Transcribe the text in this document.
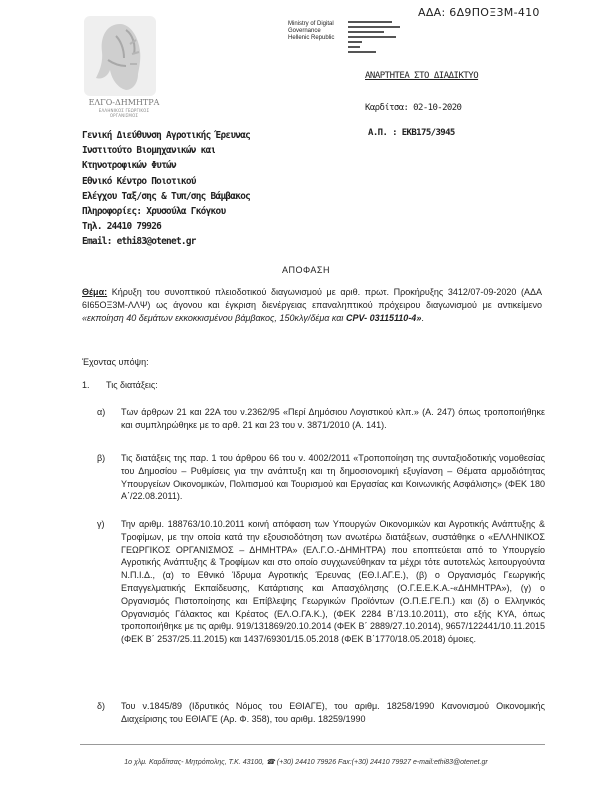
ΑΔΑ: 6Δ9ΠΟΞ3Μ-410
ΕΛΓΟ-ΔΗΜΗΤΡΑ
ΕΛΛΗΝΙΚΟΣ ΓΕΩΡΓΙΚΟΣ ΟΡΓΑΝΙΣΜΟΣ
Ministry of Digital
Governance
Hellenic Republic
ΑΝΑΡΤΗΤΕΑ ΣΤΟ ΔΙΑΔΙΚΤΥΟ
Καρδίτσα: 02-10-2020
Α.Π. : ΕΚΒ175/3945
Γενική Διεύθυνση Αγροτικής Έρευνας
Ινστιτούτο Βιομηχανικών και
Κτηνοτροφικών Φυτών
Εθνικό Κέντρο Ποιοτικού
Ελέγχου Ταξ/σης & Τυπ/σης Βάμβακος
Πληροφορίες: Χρυσούλα Γκόγκου
Τηλ. 24410 79926
Email: ethi83@otenet.gr
ΑΠΟΦΑΣΗ
Θέμα: Κήρυξη του συνοπτικού πλειοδοτικού διαγωνισμού με αριθ. πρωτ. Προκήρυξης 3412/07-09-2020 (ΑΔΑ 6Ι65ΟΞ3Μ-ΛΛΨ) ως άγονου και έγκριση διενέργειας επαναληπτικού πρόχειρου διαγωνισμού με αντικείμενο «εκποίηση 40 δεμάτων εκκοκκισμένου βάμβακος, 150κλγ/δέμα και CPV- 03115110-4».
Έχοντας υπόψη:
1. Τις διατάξεις:
α)	Των άρθρων 21 και 22Α του ν.2362/95 «Περί Δημόσιου Λογιστικού κλπ.» (Α. 247) όπως τροποποιήθηκε και συμπληρώθηκε με το αρθ. 21 και 23 του ν. 3871/2010 (Α. 141).
β)	Τις διατάξεις της παρ. 1 του άρθρου 66 του ν. 4002/2011 «Τροποποίηση της συνταξιοδοτικής νομοθεσίας του Δημοσίου – Ρυθμίσεις για την ανάπτυξη και τη δημοσιονομική εξυγίανση – Θέματα αρμοδιότητας Υπουργείων Οικονομικών, Πολιτισμού και Τουρισμού και Εργασίας και Κοινωνικής Ασφάλισης» (ΦΕΚ 180 Α΄/22.08.2011).
γ)	Την αριθμ. 188763/10.10.2011 κοινή απόφαση των Υπουργών Οικονομικών και Αγροτικής Ανάπτυξης & Τροφίμων, με την οποία κατά την εξουσιοδότηση των ανωτέρω διατάξεων, συστάθηκε ο «ΕΛΛΗΝΙΚΟΣ ΓΕΩΡΓΙΚΟΣ ΟΡΓΑΝΙΣΜΟΣ – ΔΗΜΗΤΡΑ» (ΕΛ.Γ.Ο.-ΔΗΜΗΤΡΑ) που εποπτεύεται από το Υπουργείο Αγροτικής Ανάπτυξης & Τροφίμων και στο οποίο συγχωνεύθηκαν τα μέχρι τότε αυτοτελώς λειτουργούντα Ν.Π.Ι.Δ., (α) το Εθνικό Ίδρυμα Αγροτικής Έρευνας (ΕΘ.Ι.ΑΓ.Ε.), (β) ο Οργανισμός Γεωργικής Επαγγελματικής Εκπαίδευσης, Κατάρτισης και Απασχόλησης (Ο.Γ.Ε.Ε.Κ.Α.-«ΔΗΜΗΤΡΑ»), (γ) ο Οργανισμός Πιστοποίησης και Επίβλεψης Γεωργικών Προϊόντων (Ο.Π.Ε.ΓΕ.Π.) και (δ) ο Ελληνικός Οργανισμός Γάλακτος και Κρέατος (ΕΛ.Ο.ΓΑ.Κ.), (ΦΕΚ 2284 Β΄/13.10.2011), στο εξής ΚΥΑ, όπως τροποποιήθηκε με τις αριθμ. 919/131869/20.10.2014 (ΦΕΚ Β΄ 2889/27.10.2014), 9657/122441/10.11.2015 (ΦΕΚ Β΄ 2537/25.11.2015) και 1437/69301/15.05.2018 (ΦΕΚ Β΄1770/18.05.2018) όμοιες.
δ)	Του ν.1845/89 (Ιδρυτικός Νόμος του ΕΘΙΑΓΕ), του αριθμ. 18258/1990 Κανονισμού Οικονομικής Διαχείρισης του ΕΘΙΑΓΕ (Αρ. Φ. 358), του αριθμ. 18259/1990
1ο χλμ. Καρδίτσας- Μητρόπολης, Τ.Κ. 43100, ☎ (+30) 24410 79926 Fax:(+30) 24410 79927 e-mail:ethi83@otenet.gr
